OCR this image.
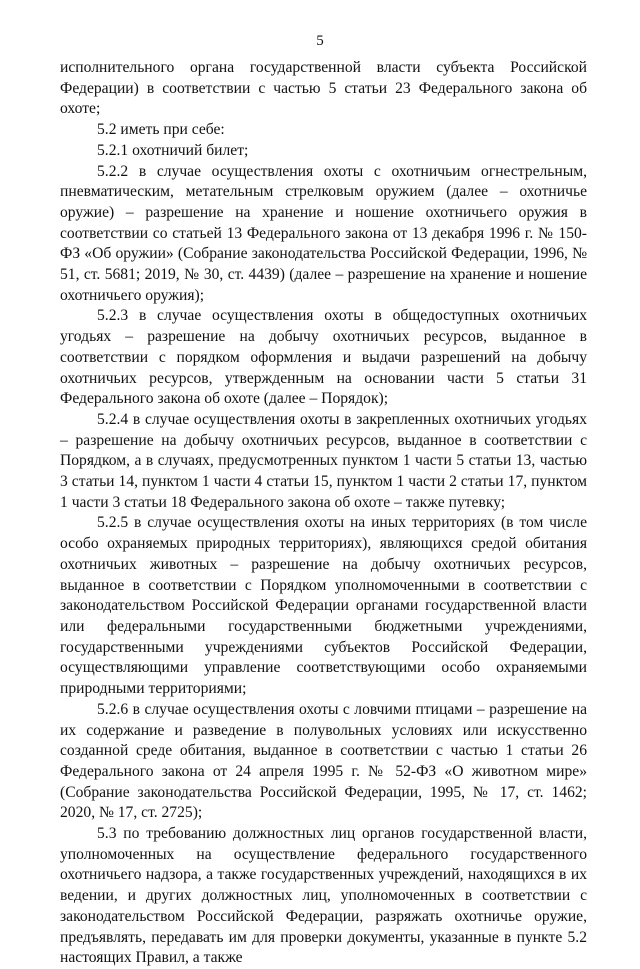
5

исполнительного органа государственной власти субъекта Российской Федерации) в соответствии с частью 5 статьи 23 Федерального закона об охоте;

5.2 иметь при себе:

5.2.1 охотничий билет;

5.2.2 в случае осуществления охоты с охотничьим огнестрельным, пневматическим, метательным стрелковым оружием (далее – охотничье оружие) – разрешение на хранение и ношение охотничьего оружия в соответствии со статьей 13 Федерального закона от 13 декабря 1996 г. № 150-ФЗ «Об оружии» (Собрание законодательства Российской Федерации, 1996, № 51, ст. 5681; 2019, № 30, ст. 4439) (далее – разрешение на хранение и ношение охотничьего оружия);

5.2.3 в случае осуществления охоты в общедоступных охотничьих угодьях – разрешение на добычу охотничьих ресурсов, выданное в соответствии с порядком оформления и выдачи разрешений на добычу охотничьих ресурсов, утвержденным на основании части 5 статьи 31 Федерального закона об охоте (далее – Порядок);

5.2.4 в случае осуществления охоты в закрепленных охотничьих угодьях – разрешение на добычу охотничьих ресурсов, выданное в соответствии с Порядком, а в случаях, предусмотренных пунктом 1 части 5 статьи 13, частью 3 статьи 14, пунктом 1 части 4 статьи 15, пунктом 1 части 2 статьи 17, пунктом 1 части 3 статьи 18 Федерального закона об охоте – также путевку;

5.2.5 в случае осуществления охоты на иных территориях (в том числе особо охраняемых природных территориях), являющихся средой обитания охотничьих животных – разрешение на добычу охотничьих ресурсов, выданное в соответствии с Порядком уполномоченными в соответствии с законодательством Российской Федерации органами государственной власти или федеральными государственными бюджетными учреждениями, государственными учреждениями субъектов Российской Федерации, осуществляющими управление соответствующими особо охраняемыми природными территориями;

5.2.6 в случае осуществления охоты с ловчими птицами – разрешение на их содержание и разведение в полувольных условиях или искусственно созданной среде обитания, выданное в соответствии с частью 1 статьи 26 Федерального закона от 24 апреля 1995 г. № 52-ФЗ «О животном мире» (Собрание законодательства Российской Федерации, 1995, № 17, ст. 1462; 2020, № 17, ст. 2725);

5.3 по требованию должностных лиц органов государственной власти, уполномоченных на осуществление федерального государственного охотничьего надзора, а также государственных учреждений, находящихся в их ведении, и других должностных лиц, уполномоченных в соответствии с законодательством Российской Федерации, разряжать охотничье оружие, предъявлять, передавать им для проверки документы, указанные в пункте 5.2 настоящих Правил, а также
